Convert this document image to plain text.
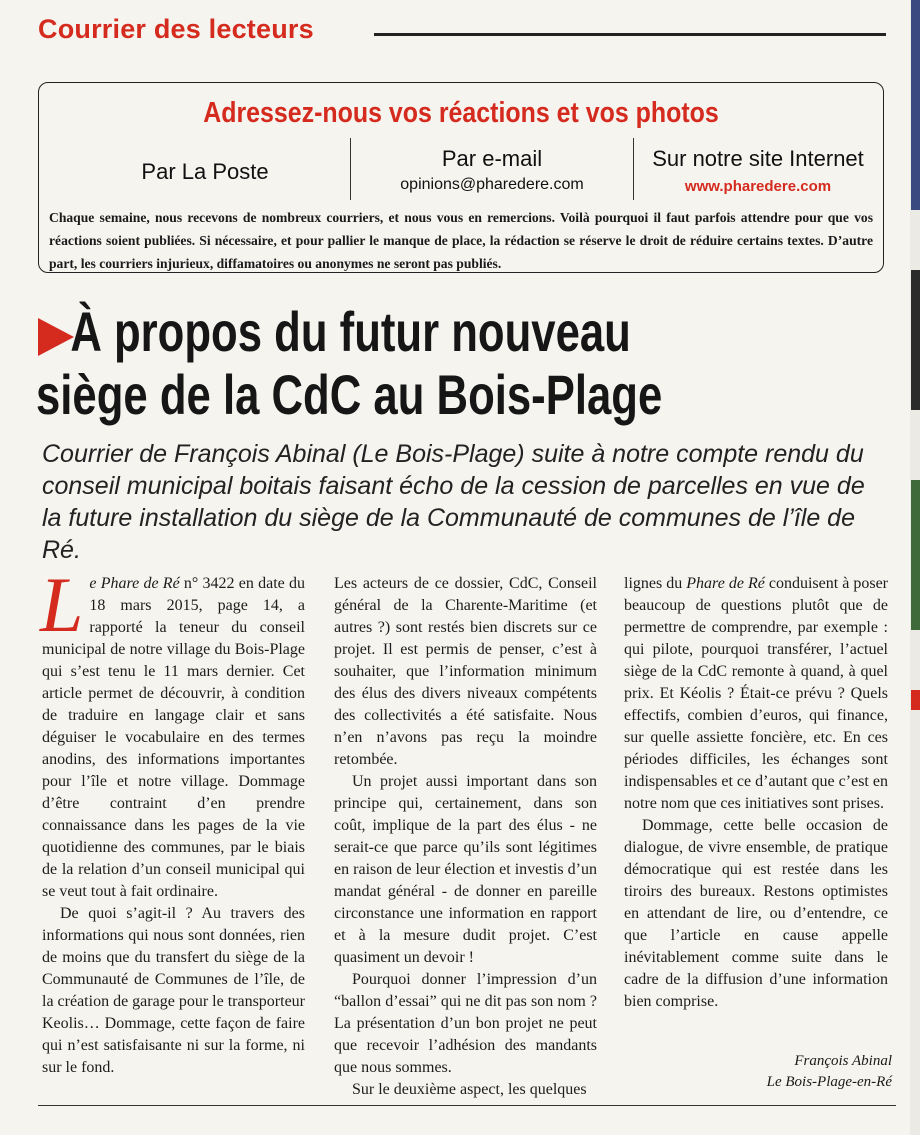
Courrier des lecteurs
Adressez-nous vos réactions et vos photos
Par La Poste
Par e-mail
opinions@pharedere.com
Sur notre site Internet
www.pharedere.com
Chaque semaine, nous recevons de nombreux courriers, et nous vous en remercions. Voilà pourquoi il faut parfois attendre pour que vos réactions soient publiées. Si nécessaire, et pour pallier le manque de place, la rédaction se réserve le droit de réduire certains textes. D’autre part, les courriers injurieux, diffamatoires ou anonymes ne seront pas publiés.
À propos du futur nouveau
siège de la CdC au Bois-Plage
Courrier de François Abinal (Le Bois-Plage) suite à notre compte rendu du conseil municipal boitais faisant écho de la cession de parcelles en vue de la future installation du siège de la Communauté de communes de l’île de Ré.

Le Phare de Ré n° 3422 en date du 18 mars 2015, page 14, a rapporté la teneur du conseil municipal de notre village du Bois-Plage qui s’est tenu le 11 mars dernier. Cet article permet de découvrir, à condition de traduire en langage clair et sans déguiser le vocabulaire en des termes anodins, des informations importantes pour l’île et notre village. Dommage d’être contraint d’en prendre connaissance dans les pages de la vie quotidienne des communes, par le biais de la relation d’un conseil municipal qui se veut tout à fait ordinaire.

De quoi s’agit-il ? Au travers des informations qui nous sont données, rien de moins que du transfert du siège de la Communauté de Communes de l’île, de la création de garage pour le transporteur Keolis… Dommage, cette façon de faire qui n’est satisfaisante ni sur la forme, ni sur le fond.

Les acteurs de ce dossier, CdC, Conseil général de la Charente-Maritime (et autres ?) sont restés bien discrets sur ce projet. Il est permis de penser, c’est à souhaiter, que l’information minimum des élus des divers niveaux compétents des collectivités a été satisfaite. Nous n’en n’avons pas reçu la moindre retombée.

Un projet aussi important dans son principe qui, certainement, dans son coût, implique de la part des élus - ne serait-ce que parce qu’ils sont légitimes en raison de leur élection et investis d’un mandat général - de donner en pareille circonstance une information en rapport et à la mesure dudit projet. C’est quasiment un devoir !

Pourquoi donner l’impression d’un “ballon d’essai” qui ne dit pas son nom ? La présentation d’un bon projet ne peut que recevoir l’adhésion des mandants que nous sommes.

Sur le deuxième aspect, les quelques

lignes du Phare de Ré conduisent à poser beaucoup de questions plutôt que de permettre de comprendre, par exemple : qui pilote, pourquoi transférer, l’actuel siège de la CdC remonte à quand, à quel prix. Et Kéolis ? Était-ce prévu ? Quels effectifs, combien d’euros, qui finance, sur quelle assiette foncière, etc. En ces périodes difficiles, les échanges sont indispensables et ce d’autant que c’est en notre nom que ces initiatives sont prises.

Dommage, cette belle occasion de dialogue, de vivre ensemble, de pratique démocratique qui est restée dans les tiroirs des bureaux. Restons optimistes en attendant de lire, ou d’entendre, ce que l’article en cause appelle inévitablement comme suite dans le cadre de la diffusion d’une information bien comprise.

François Abinal
Le Bois-Plage-en-Ré
